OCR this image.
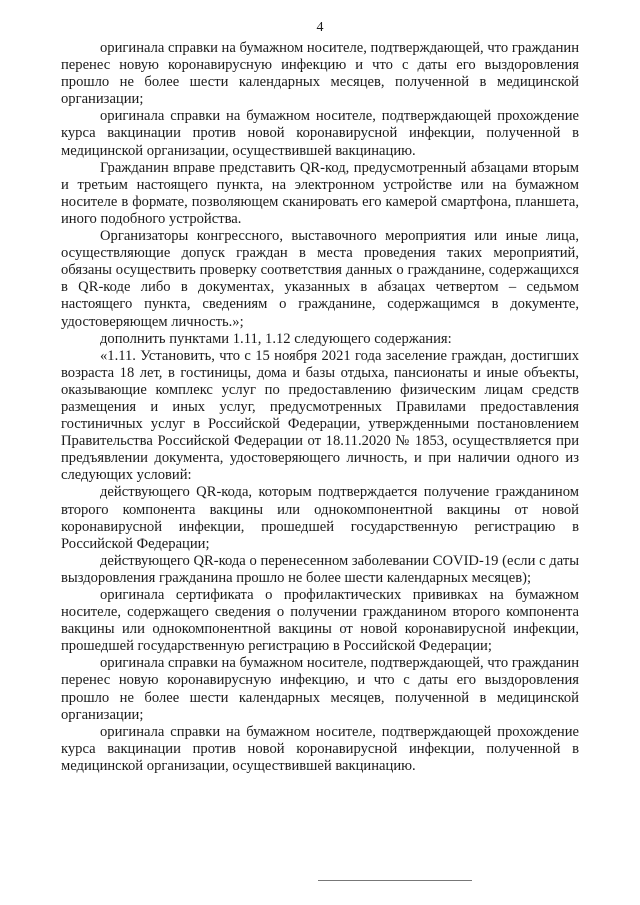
4

оригинала справки на бумажном носителе, подтверждающей, что гражданин перенес новую коронавирусную инфекцию и что с даты его выздоровления прошло не более шести календарных месяцев, полученной в медицинской организации;

оригинала справки на бумажном носителе, подтверждающей прохождение курса вакцинации против новой коронавирусной инфекции, полученной в медицинской организации, осуществившей вакцинацию.

Гражданин вправе представить QR-код, предусмотренный абзацами вторым и третьим настоящего пункта, на электронном устройстве или на бумажном носителе в формате, позволяющем сканировать его камерой смартфона, планшета, иного подобного устройства.

Организаторы конгрессного, выставочного мероприятия или иные лица, осуществляющие допуск граждан в места проведения таких мероприятий, обязаны осуществить проверку соответствия данных о гражданине, содержащихся в QR-коде либо в документах, указанных в абзацах четвертом – седьмом настоящего пункта, сведениям о гражданине, содержащимся в документе, удостоверяющем личность.»;

дополнить пунктами 1.11, 1.12 следующего содержания:

«1.11. Установить, что с 15 ноября 2021 года заселение граждан, достигших возраста 18 лет, в гостиницы, дома и базы отдыха, пансионаты и иные объекты, оказывающие комплекс услуг по предоставлению физическим лицам средств размещения и иных услуг, предусмотренных Правилами предоставления гостиничных услуг в Российской Федерации, утвержденными постановлением Правительства Российской Федерации от 18.11.2020 № 1853, осуществляется при предъявлении документа, удостоверяющего личность, и при наличии одного из следующих условий:

действующего QR-кода, которым подтверждается получение гражданином второго компонента вакцины или однокомпонентной вакцины от новой коронавирусной инфекции, прошедшей государственную регистрацию в Российской Федерации;

действующего QR-кода о перенесенном заболевании COVID-19 (если с даты выздоровления гражданина прошло не более шести календарных месяцев);

оригинала сертификата о профилактических прививках на бумажном носителе, содержащего сведения о получении гражданином второго компонента вакцины или однокомпонентной вакцины от новой коронавирусной инфекции, прошедшей государственную регистрацию в Российской Федерации;

оригинала справки на бумажном носителе, подтверждающей, что гражданин перенес новую коронавирусную инфекцию, и что с даты его выздоровления прошло не более шести календарных месяцев, полученной в медицинской организации;

оригинала справки на бумажном носителе, подтверждающей прохождение курса вакцинации против новой коронавирусной инфекции, полученной в медицинской организации, осуществившей вакцинацию.
